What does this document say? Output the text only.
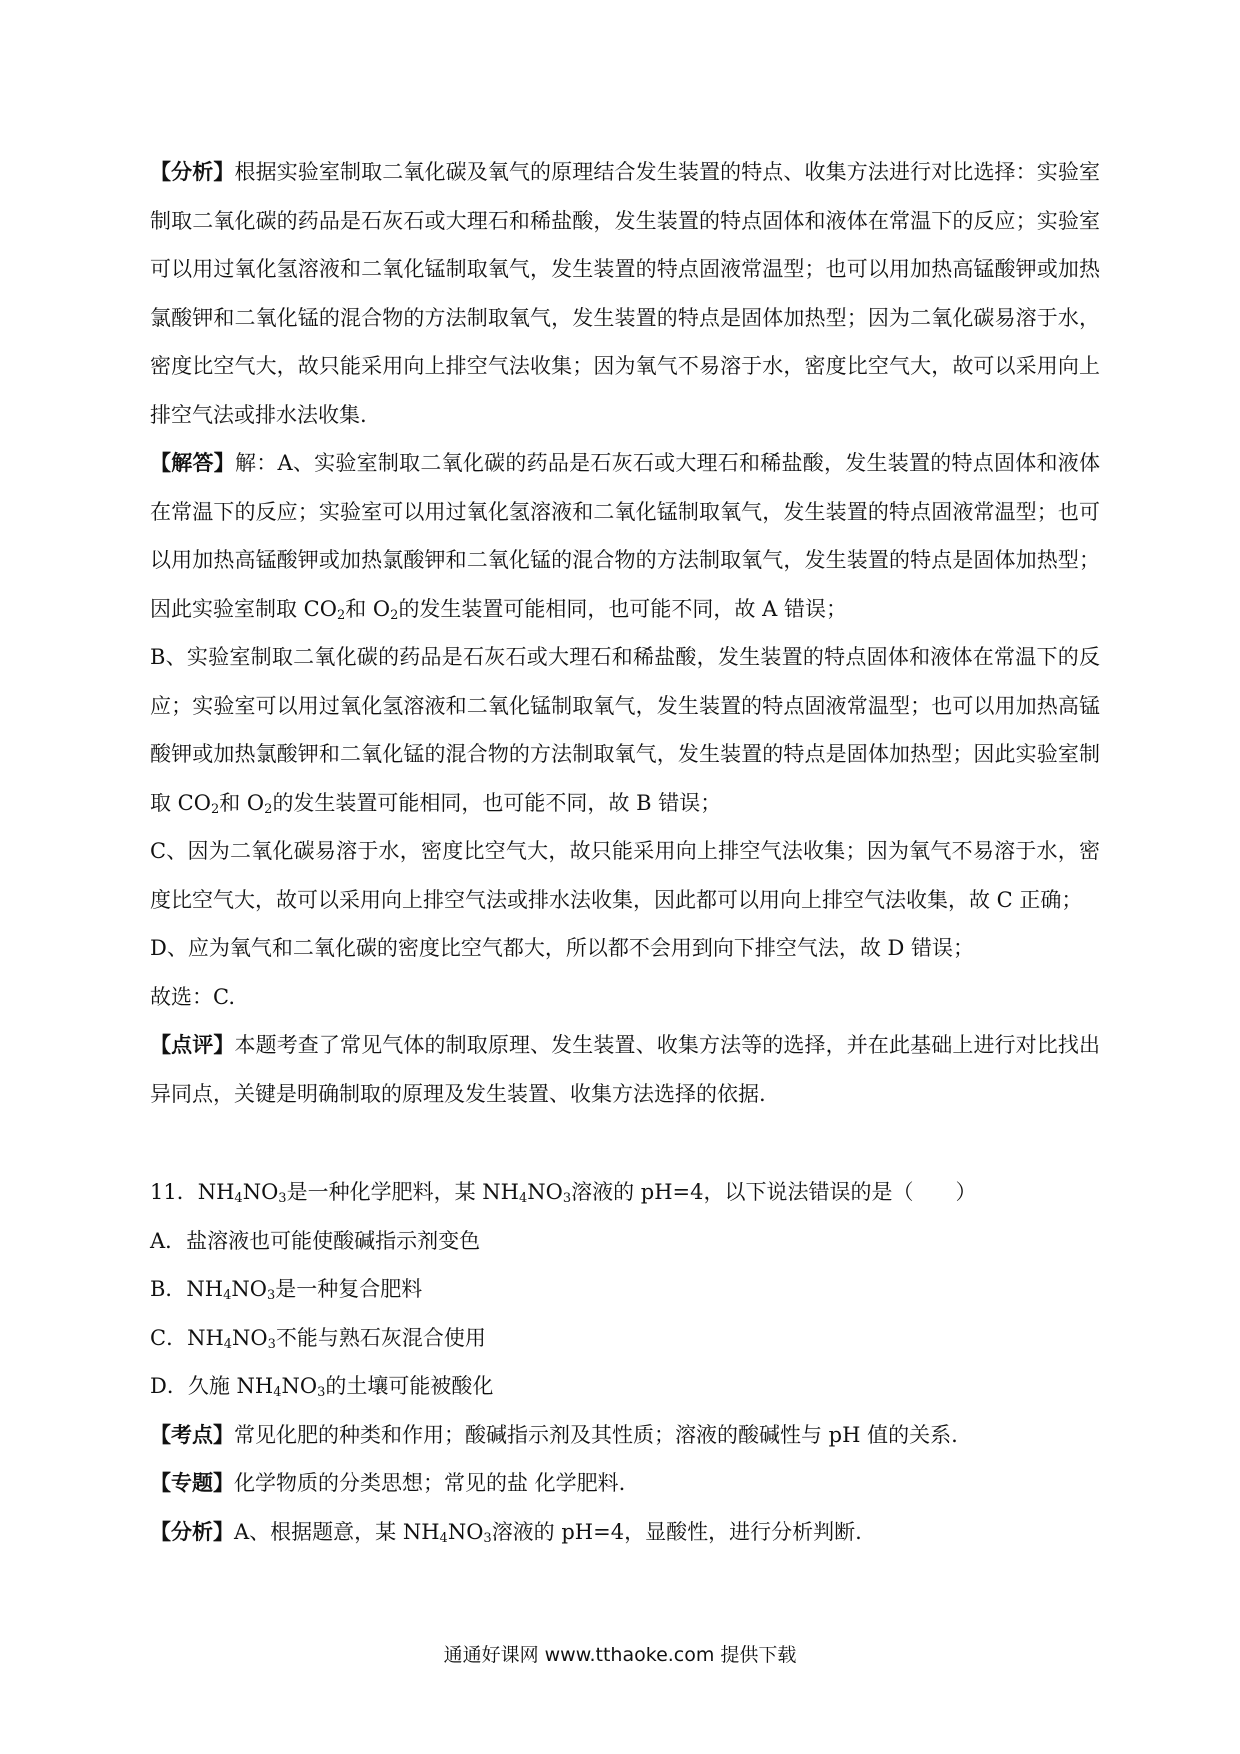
【分析】根据实验室制取二氧化碳及氧气的原理结合发生装置的特点、收集方法进行对比选择：实验室制取二氧化碳的药品是石灰石或大理石和稀盐酸，发生装置的特点固体和液体在常温下的反应；实验室可以用过氧化氢溶液和二氧化锰制取氧气，发生装置的特点固液常温型；也可以用加热高锰酸钾或加热氯酸钾和二氧化锰的混合物的方法制取氧气，发生装置的特点是固体加热型；因为二氧化碳易溶于水，密度比空气大，故只能采用向上排空气法收集；因为氧气不易溶于水，密度比空气大，故可以采用向上排空气法或排水法收集.

【解答】解：A、实验室制取二氧化碳的药品是石灰石或大理石和稀盐酸，发生装置的特点固体和液体在常温下的反应；实验室可以用过氧化氢溶液和二氧化锰制取氧气，发生装置的特点固液常温型；也可以用加热高锰酸钾或加热氯酸钾和二氧化锰的混合物的方法制取氧气，发生装置的特点是固体加热型；因此实验室制取 $CO_2$和 $O_2$的发生装置可能相同，也可能不同，故 A 错误；

B、实验室制取二氧化碳的药品是石灰石或大理石和稀盐酸，发生装置的特点固体和液体在常温下的反应；实验室可以用过氧化氢溶液和二氧化锰制取氧气，发生装置的特点固液常温型；也可以用加热高锰酸钾或加热氯酸钾和二氧化锰的混合物的方法制取氧气，发生装置的特点是固体加热型；因此实验室制取 $CO_2$和 $O_2$的发生装置可能相同，也可能不同，故 B 错误；

C、因为二氧化碳易溶于水，密度比空气大，故只能采用向上排空气法收集；因为氧气不易溶于水，密度比空气大，故可以采用向上排空气法或排水法收集，因此都可以用向上排空气法收集，故 C 正确；

D、应为氧气和二氧化碳的密度比空气都大，所以都不会用到向下排空气法，故 D 错误；

故选：C.

【点评】本题考查了常见气体的制取原理、发生装置、收集方法等的选择，并在此基础上进行对比找出异同点，关键是明确制取的原理及发生装置、收集方法选择的依据.

11．$NH_4NO_3$是一种化学肥料，某 $NH_4NO_3$溶液的 pH=4，以下说法错误的是（　　）

A．盐溶液也可能使酸碱指示剂变色

B．$NH_4NO_3$是一种复合肥料

C．$NH_4NO_3$不能与熟石灰混合使用

D．久施 $NH_4NO_3$的土壤可能被酸化

【考点】常见化肥的种类和作用；酸碱指示剂及其性质；溶液的酸碱性与 pH 值的关系.

【专题】化学物质的分类思想；常见的盐 化学肥料.

【分析】A、根据题意，某 $NH_4NO_3$溶液的 pH=4，显酸性，进行分析判断.

通通好课网 www.tthaoke.com 提供下载
